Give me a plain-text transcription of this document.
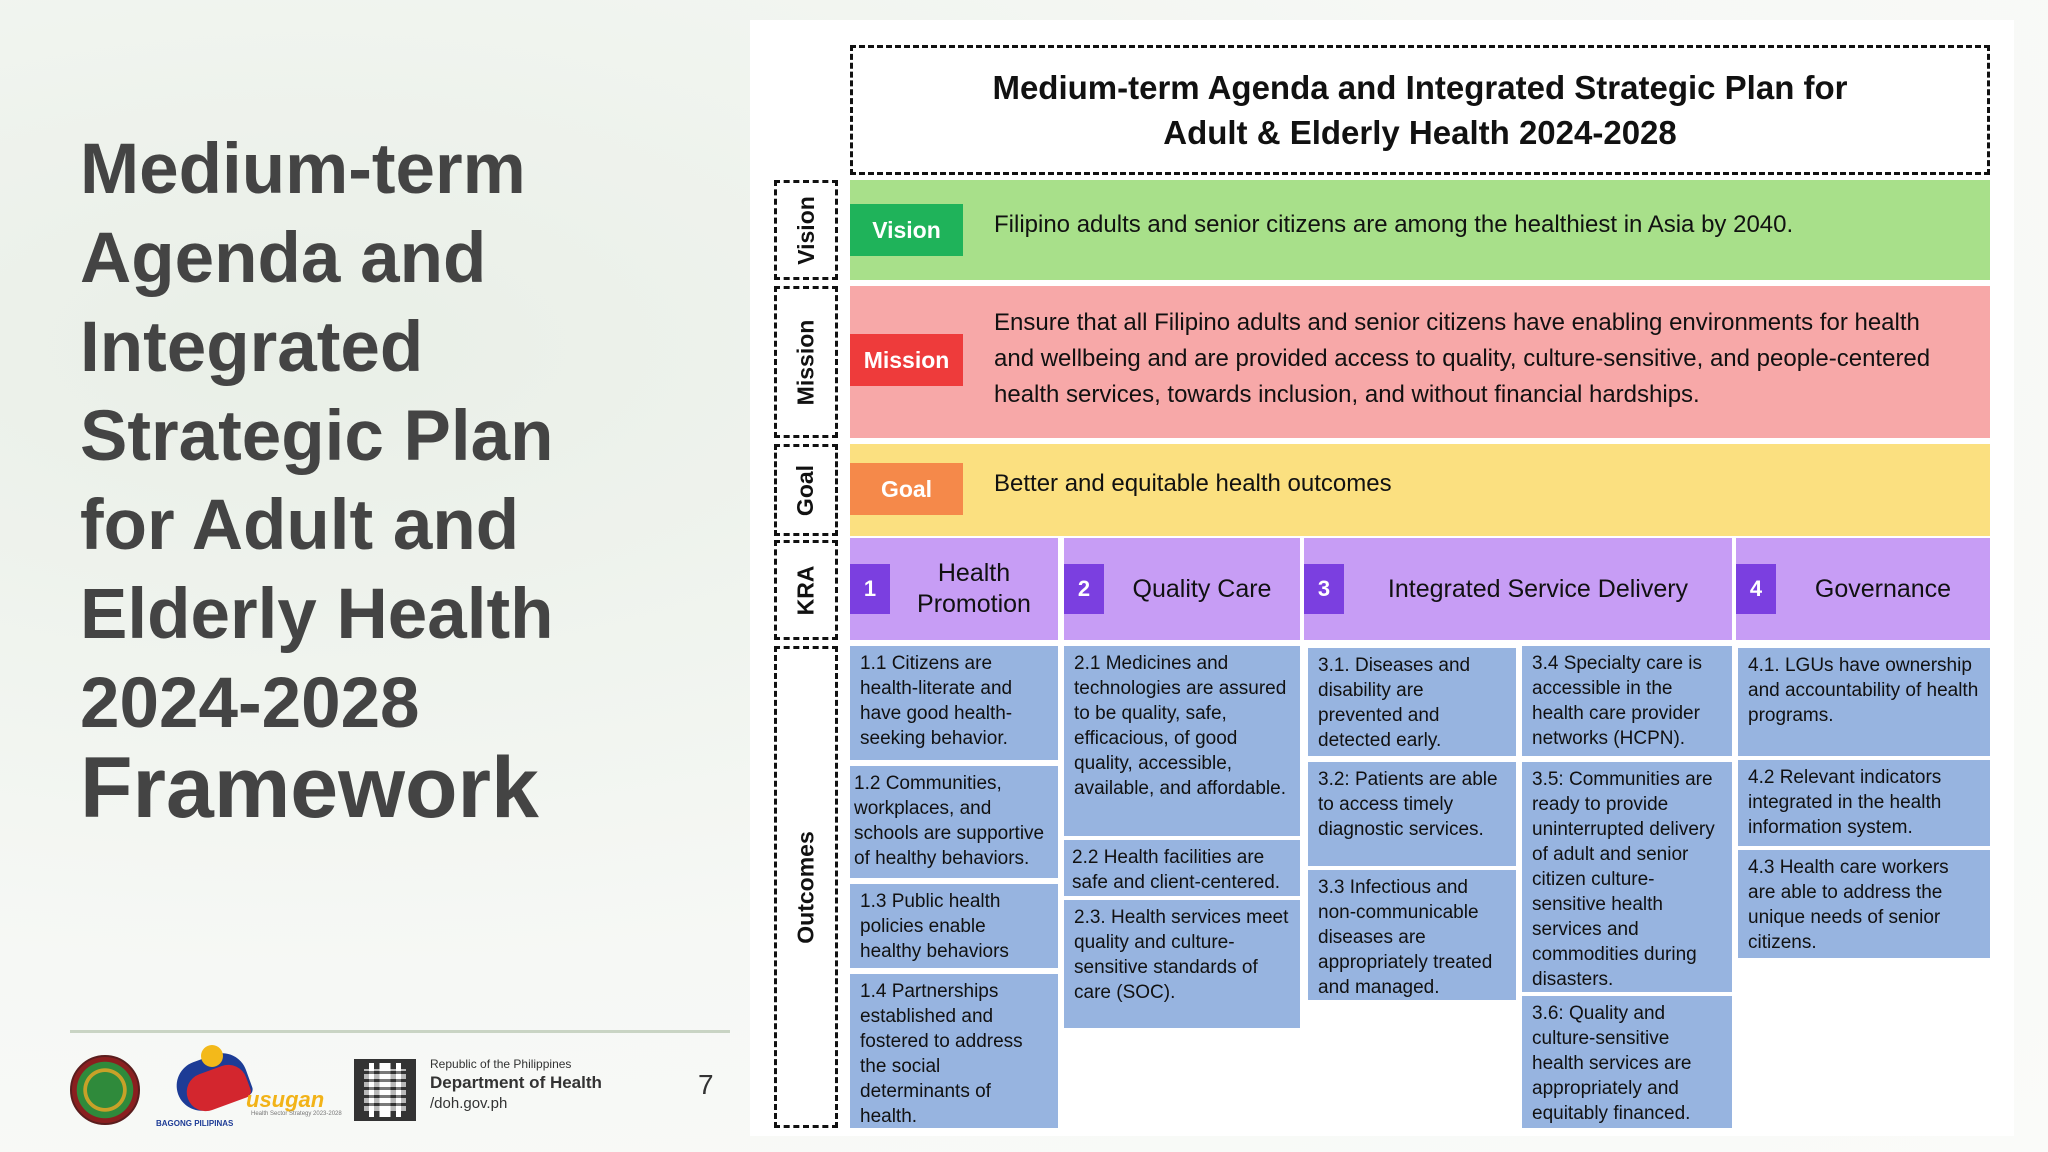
Medium-term
Agenda and
Integrated
Strategic Plan
for Adult and
Elderly Health
2024-2028
Framework
usugan
Health Sector Strategy 2023-2028
BAGONG PILIPINAS
Republic of the Philippines
Department of Health
/doh.gov.ph
7
Medium-term Agenda and Integrated Strategic Plan for Adult & Elderly Health 2024-2028
Vision
Mission
Goal
KRA
Outcomes
Vision	Filipino adults and senior citizens are among the healthiest in Asia by 2040.
Mission
Ensure that all Filipino adults and senior citizens have enabling environments for health and wellbeing and are provided access to quality, culture-sensitive, and people-centered health services, towards inclusion, and without financial hardships.
Goal	Better and equitable health outcomes
1
Health Promotion
2	Quality Care	3	Integrated Service Delivery	4	Governance
1.1 Citizens are health-literate and have good health-seeking behavior.
1.2 Communities, workplaces, and schools are supportive of healthy behaviors.
1.3 Public health policies enable healthy behaviors
1.4 Partnerships established and fostered to address the social determinants of health.
2.1 Medicines and technologies are assured to be quality, safe, efficacious, of good quality, accessible, available, and affordable.
2.2 Health facilities are safe and client-centered.
2.3. Health services meet quality and culture-sensitive standards of care (SOC).
3.1. Diseases and disability are prevented and detected early.
3.2: Patients are able to access timely diagnostic services.
3.3 Infectious and non-communicable diseases are appropriately treated and managed.
3.4 Specialty care is accessible in the health care provider networks (HCPN).
3.5: Communities are ready to provide uninterrupted delivery of adult and senior citizen culture-sensitive health services and commodities during disasters.
3.6: Quality and culture-sensitive health services are appropriately and equitably financed.
4.1. LGUs have ownership and accountability of health programs.
4.2 Relevant indicators integrated in the health information system.
4.3 Health care workers are able to address the unique needs of senior citizens.
